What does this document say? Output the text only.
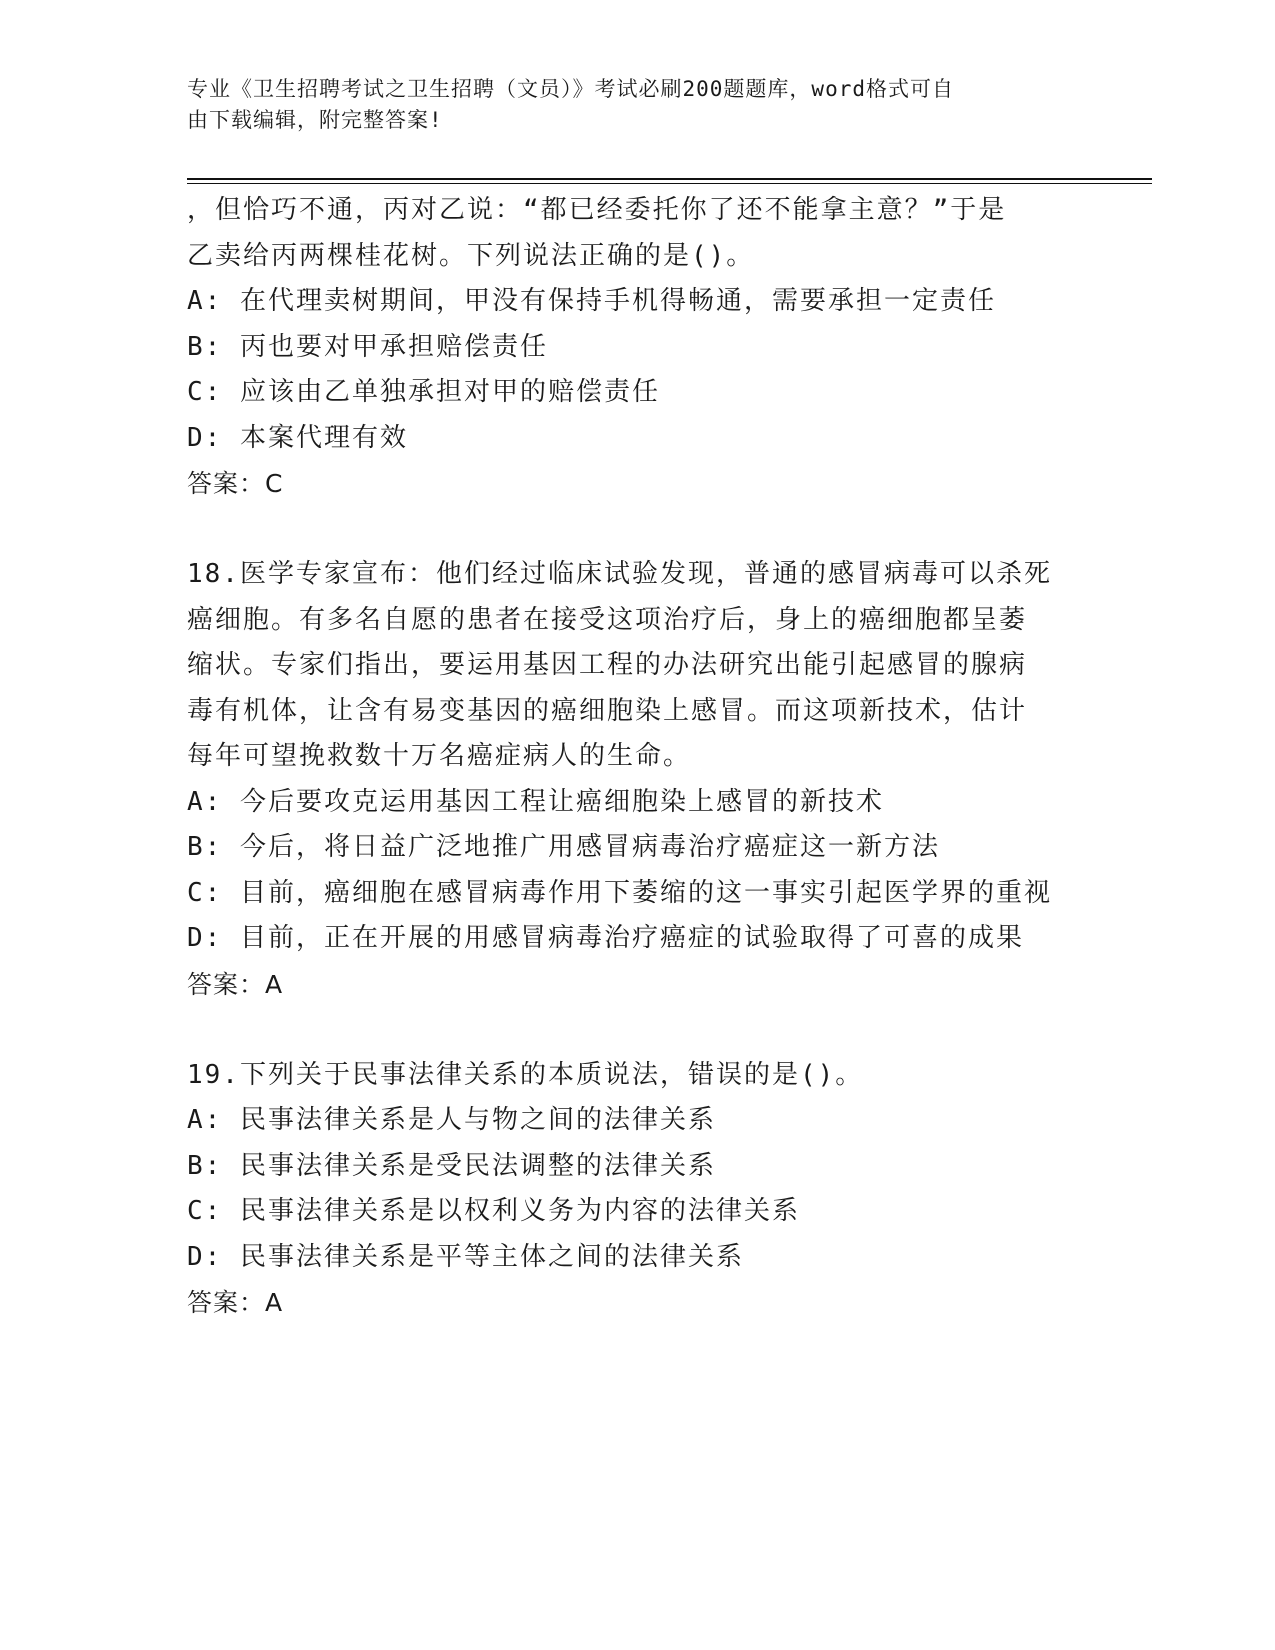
专业《卫生招聘考试之卫生招聘（文员）》考试必刷200题题库，word格式可自
由下载编辑，附完整答案!
，但恰巧不通，丙对乙说：“都已经委托你了还不能拿主意？”于是
乙卖给丙两棵桂花树。下列说法正确的是()。
A: 在代理卖树期间，甲没有保持手机得畅通，需要承担一定责任
B: 丙也要对甲承担赔偿责任
C: 应该由乙单独承担对甲的赔偿责任
D: 本案代理有效
答案：C
18.医学专家宣布：他们经过临床试验发现，普通的感冒病毒可以杀死
癌细胞。有多名自愿的患者在接受这项治疗后，身上的癌细胞都呈萎
缩状。专家们指出，要运用基因工程的办法研究出能引起感冒的腺病
毒有机体，让含有易变基因的癌细胞染上感冒。而这项新技术，估计
每年可望挽救数十万名癌症病人的生命。
A: 今后要攻克运用基因工程让癌细胞染上感冒的新技术
B: 今后，将日益广泛地推广用感冒病毒治疗癌症这一新方法
C: 目前，癌细胞在感冒病毒作用下萎缩的这一事实引起医学界的重视
D: 目前，正在开展的用感冒病毒治疗癌症的试验取得了可喜的成果
答案：A
19.下列关于民事法律关系的本质说法，错误的是()。
A: 民事法律关系是人与物之间的法律关系
B: 民事法律关系是受民法调整的法律关系
C: 民事法律关系是以权利义务为内容的法律关系
D: 民事法律关系是平等主体之间的法律关系
答案：A
